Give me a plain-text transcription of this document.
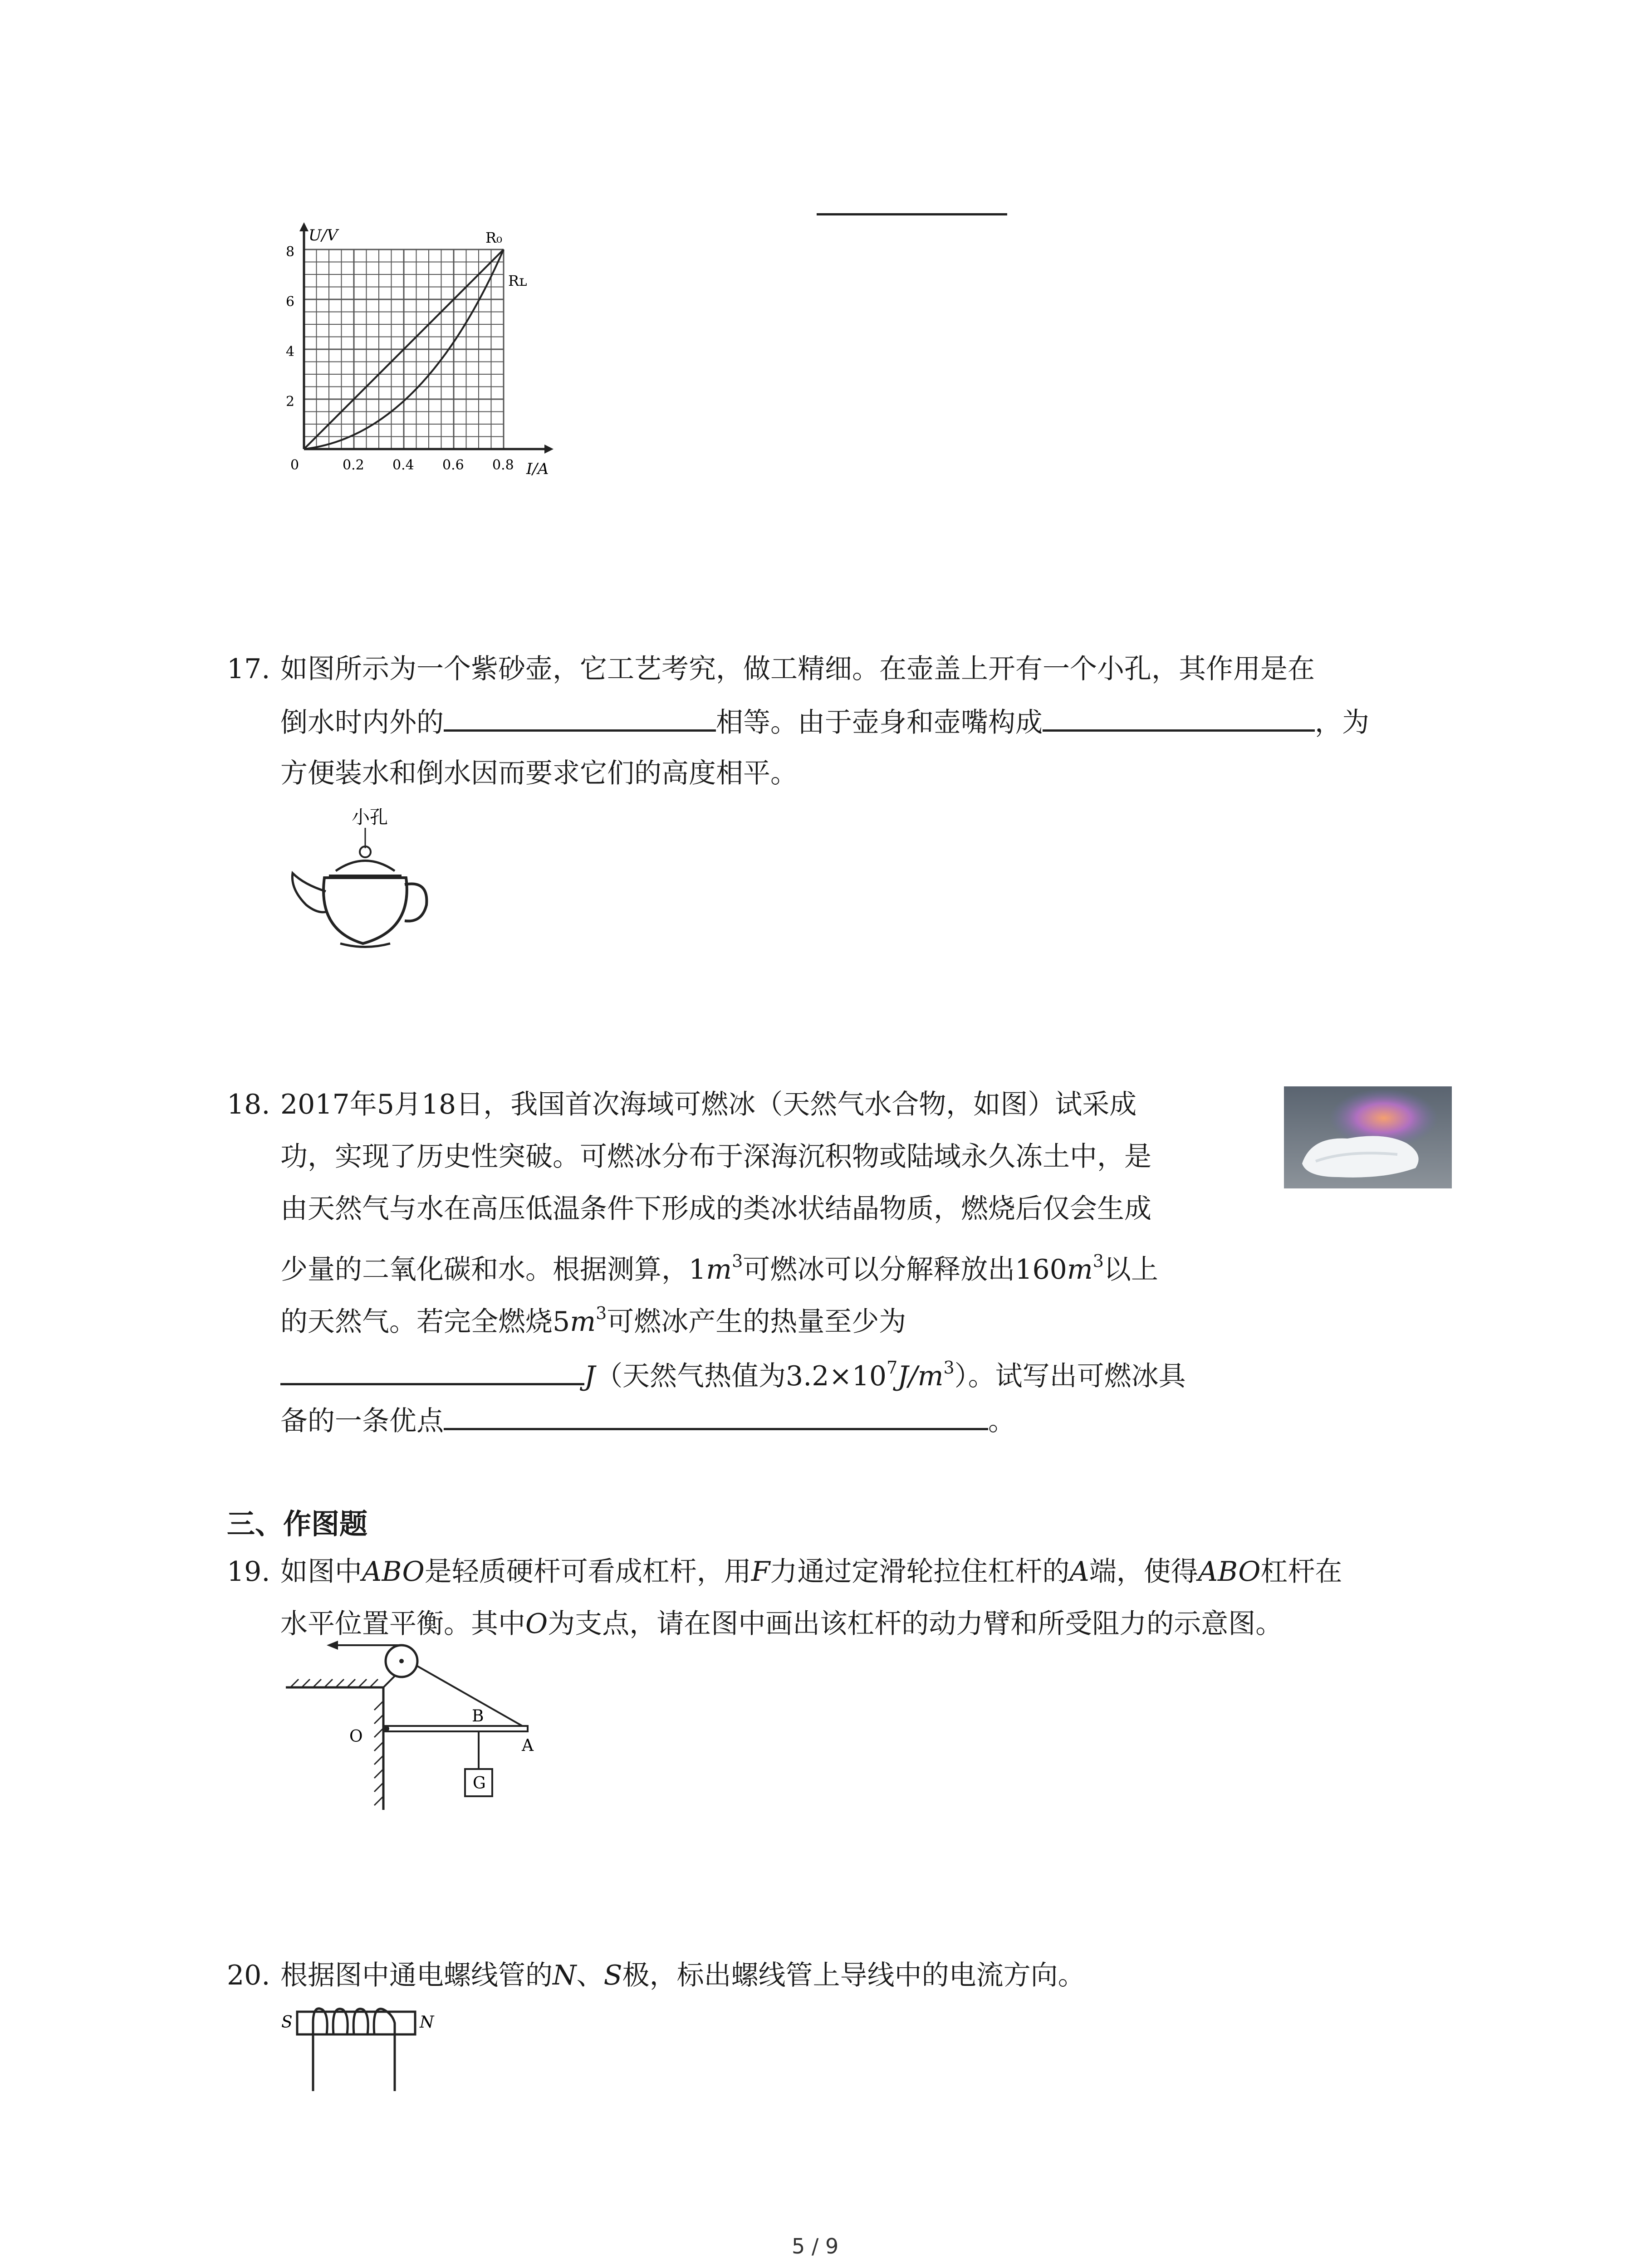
U/V
I/A
R₀
Rʟ
8
6
4
2
0	0.2 0.4 0.6 0.8
17. 如图所示为一个紫砂壶，它工艺考究，做工精细。在壶盖上开有一个小孔，其作用是在
倒水时内外的	相等。由于壶身和壶嘴构成	，为
方便装水和倒水因而要求它们的高度相平。
小孔
18. 2017年5月18日，我国首次海域可燃冰（天然气水合物，如图）试采成
功，实现了历史性突破。可燃冰分布于深海沉积物或陆域永久冻土中，是
由天然气与水在高压低温条件下形成的类冰状结晶物质，燃烧后仅会生成
少量的二氧化碳和水。根据测算，$1m^3$可燃冰可以分解释放出$160m^3$以上
的天然气。若完全燃烧$5m^3$可燃冰产生的热量至少为
J（天然气热值为$3.2\times 10^7J/m^3$）。试写出可燃冰具
备的一条优点	。
三、作图题
19. 如图中ABO是轻质硬杆可看成杠杆，用F力通过定滑轮拉住杠杆的A端，使得ABO杠杆在
水平位置平衡。其中O为支点，请在图中画出该杠杆的动力臂和所受阻力的示意图。
O
B
A
G
20. 根据图中通电螺线管的N、S极，标出螺线管上导线中的电流方向。
S	N
5 / 9
